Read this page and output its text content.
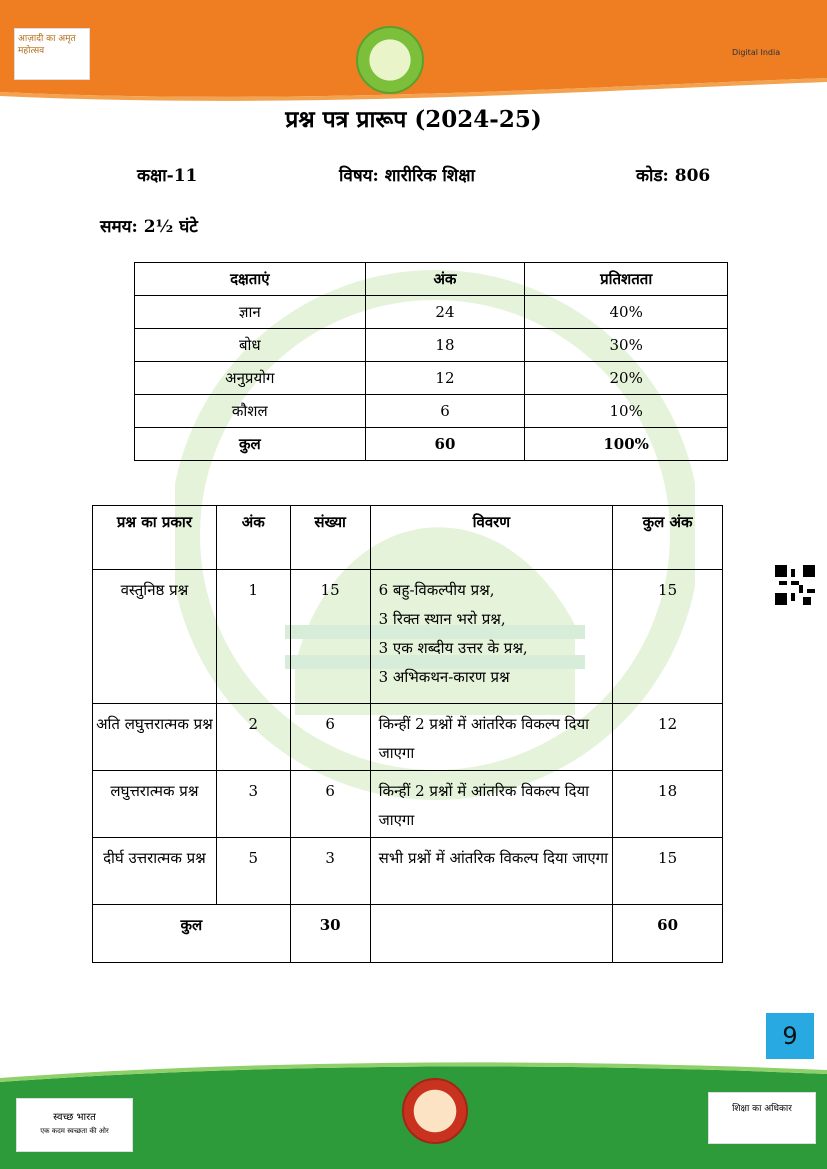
आज़ादी का अमृत महोत्सव	Digital India
प्रश्न पत्र प्रारूप (2024-25)
कक्षा-11	विषय: शारीरिक शिक्षा	कोड: 806
समय: 2½ घंटे
दक्षताएं	अंक	प्रतिशतता
ज्ञान	24	40%
बोध	18	30%
अनुप्रयोग	12	20%
कौशल	6	10%
कुल	60	100%
प्रश्न का प्रकार	अंक	संख्या	विवरण	कुल अंक
वस्तुनिष्ठ प्रश्न	1	15	6 बहु-विकल्पीय प्रश्न,
3 रिक्त स्थान भरो प्रश्न,
3 एक शब्दीय उत्तर के प्रश्न,
3 अभिकथन-कारण प्रश्न	15
अति लघुत्तरात्मक प्रश्न	2	6	किन्हीं 2 प्रश्नों में आंतरिक विकल्प दिया जाएगा	12
लघुत्तरात्मक प्रश्न	3	6	किन्हीं 2 प्रश्नों में आंतरिक विकल्प दिया जाएगा	18
दीर्घ उत्तरात्मक प्रश्न	5	3	सभी प्रश्नों में आंतरिक विकल्प दिया जाएगा	15
कुल		30		60
9
स्वच्छ भारत
एक कदम स्वच्छता की ओर
शिक्षा का अधिकार
